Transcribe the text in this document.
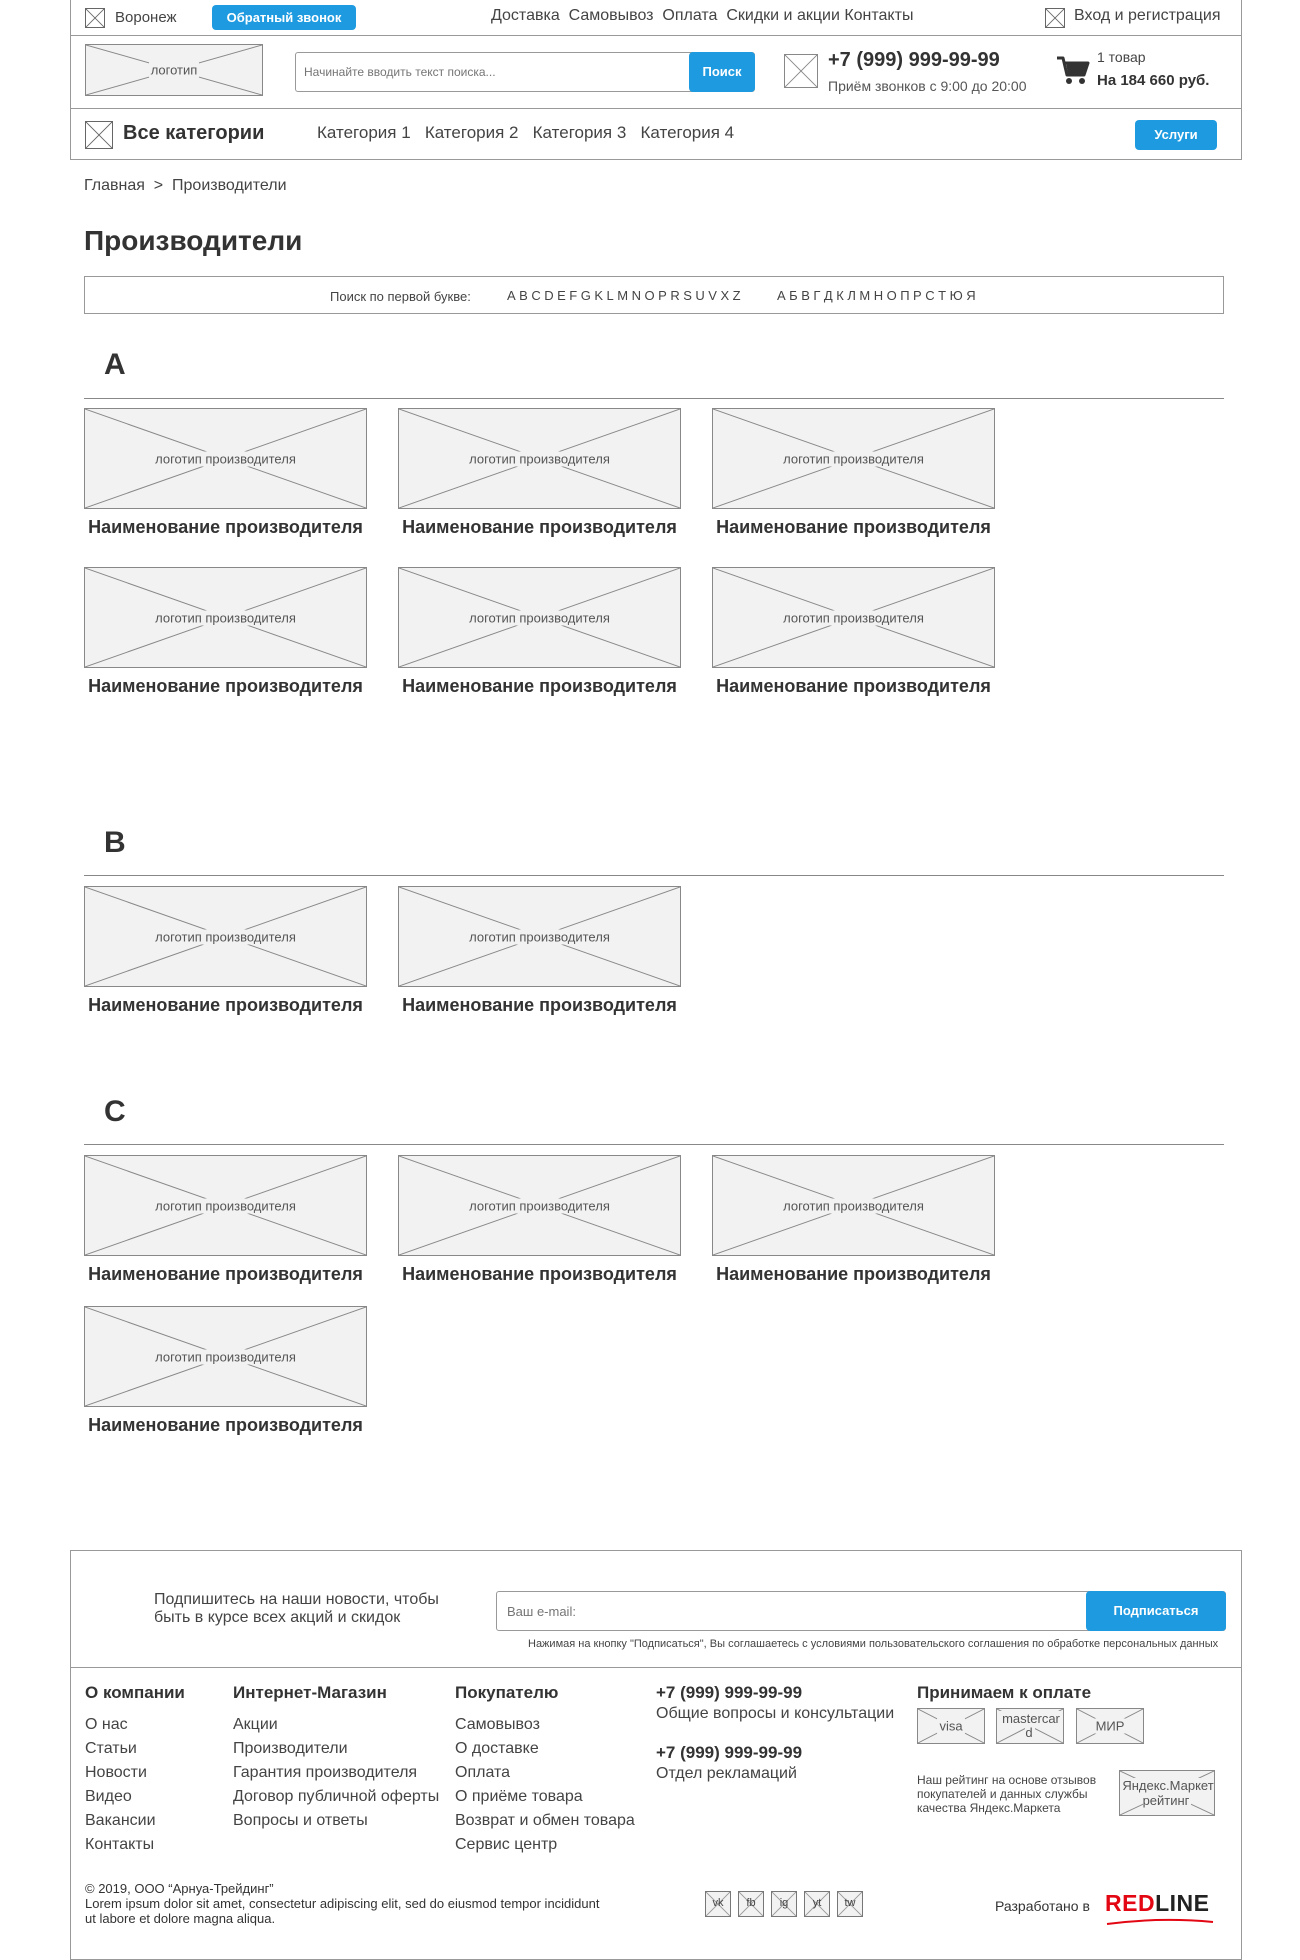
Воронеж	Обратный звонок	Доставка Самовывоз Оплата Скидки и акции Контакты	Вход и регистрация
логотип
Начинайте вводить текст поиска...	Поиск
+7 (999) 999-99-99
Приём звонков с 9:00 до 20:00
1 товар
На 184 660 руб.
Все категории	Категория 1 Категория 2 Категория 3 Категория 4	Услуги
Главная > Производители
Производители
Поиск по первой букве:	A B C D E F G K L M N O P R S U V X Z	А Б В Г Д К Л М Н О П Р С Т Ю Я
A
логотип производителя
Наименование производителя
логотип производителя
Наименование производителя
логотип производителя
Наименование производителя
логотип производителя
Наименование производителя
логотип производителя
Наименование производителя
логотип производителя
Наименование производителя
B
логотип производителя
Наименование производителя
логотип производителя
Наименование производителя
C
логотип производителя
Наименование производителя
логотип производителя
Наименование производителя
логотип производителя
Наименование производителя
логотип производителя
Наименование производителя
Подпишитесь на наши новости, чтобы быть в курсе всех акций и скидок
Ваш e-mail:	Подписаться
Нажимая на кнопку "Подписаться", Вы соглашаетесь с условиями пользовательского соглашения по обработке персональных данных
О компании
О нас
Статьи
Новости
Видео
Вакансии
Контакты
Интернет-Магазин
Акции
Производители
Гарантия производителя
Договор публичной оферты
Вопросы и ответы
Покупателю
Самовывоз
О доставке
Оплата
О приёме товара
Возврат и обмен товара
Сервис центр
+7 (999) 999-99-99
Общие вопросы и консультации
+7 (999) 999-99-99
Отдел рекламаций
Принимаем к оплате
visa	mastercard	МИР
Наш рейтинг на основе отзывов покупателей и данных службы качества Яндекс.Маркета
Яндекс.Маркет рейтинг
© 2019, ООО “Арнуа-Трейдинг”
Lorem ipsum dolor sit amet, consectetur adipiscing elit, sed do eiusmod tempor incididunt ut labore et dolore magna aliqua.
vk	fb	ig	yt	tw	Разработано в REDLINE
